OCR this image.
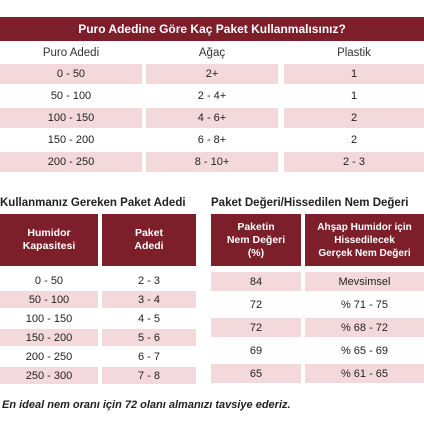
Puro Adedine Göre Kaç Paket Kullanmalısınız?
Puro Adedi	Ağaç	Plastik
0 - 50	2+	1
50 - 100	2 - 4+	1
100 - 150	4 - 6+	2
150 - 200	6 - 8+	2
200 - 250	8 - 10+	2 - 3
Kullanmanız Gereken Paket Adedi
Humidor
Kapasitesi
Paket
Adedi
0 - 50	2 - 3
50 - 100	3 - 4
100 - 150	4 - 5
150 - 200	5 - 6
200 - 250	6 - 7
250 - 300	7 - 8
Paket Değeri/Hissedilen Nem Değeri
Paketin
Nem Değeri
(%)
Ahşap Humidor için
Hissedilecek
Gerçek Nem Değeri
84	Mevsimsel
72	% 71 - 75
72	% 68 - 72
69	% 65 - 69
65	% 61 - 65
En ideal nem oranı için 72 olanı almanızı tavsiye ederiz.
